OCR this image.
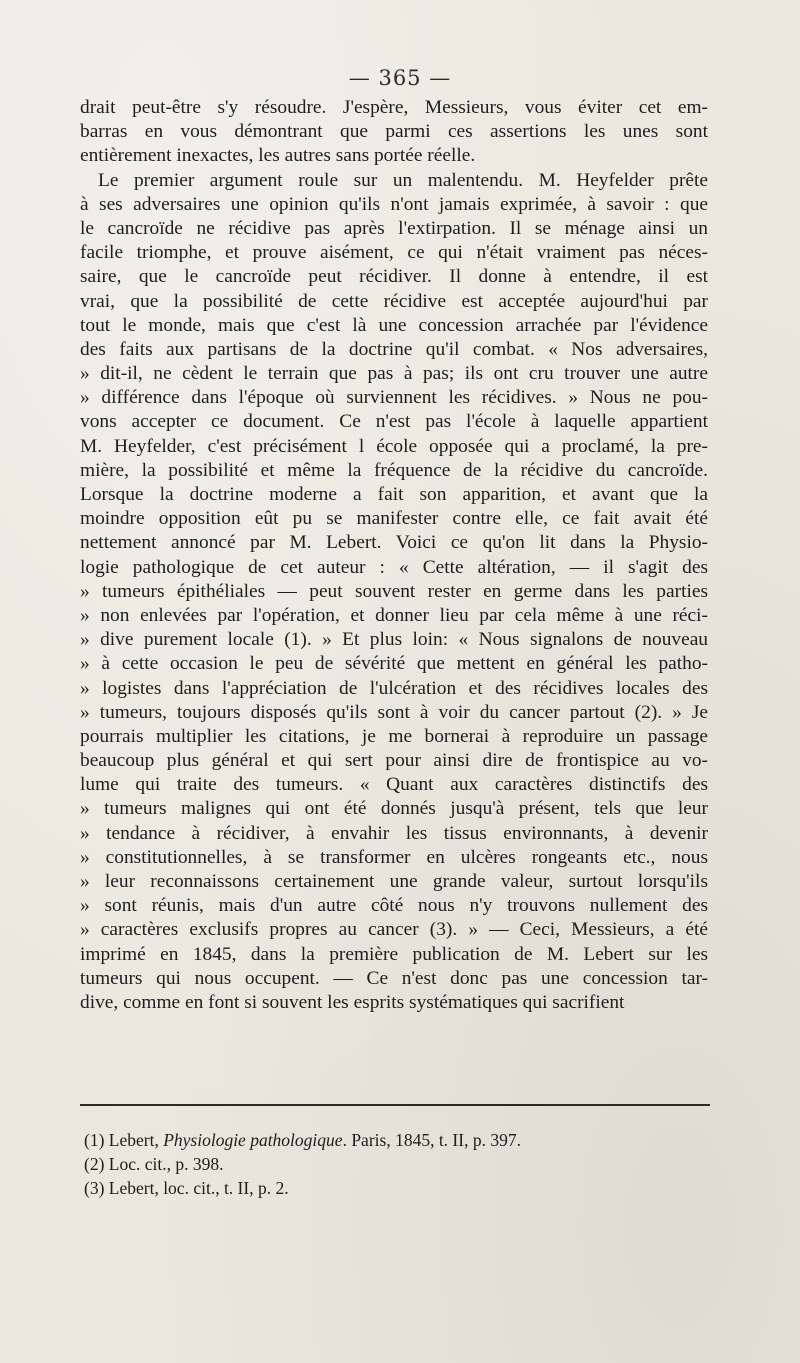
— 365 —
drait peut-être s'y résoudre. J'espère, Messieurs, vous éviter cet em-
barras en vous démontrant que parmi ces assertions les unes sont
entièrement inexactes, les autres sans portée réelle.
Le premier argument roule sur un malentendu. M. Heyfelder prête
à ses adversaires une opinion qu'ils n'ont jamais exprimée, à savoir : que
le cancroïde ne récidive pas après l'extirpation. Il se ménage ainsi un
facile triomphe, et prouve aisément, ce qui n'était vraiment pas néces-
saire, que le cancroïde peut récidiver. Il donne à entendre, il est
vrai, que la possibilité de cette récidive est acceptée aujourd'hui par
tout le monde, mais que c'est là une concession arrachée par l'évidence
des faits aux partisans de la doctrine qu'il combat. « Nos adversaires,
» dit-il, ne cèdent le terrain que pas à pas; ils ont cru trouver une autre
» différence dans l'époque où surviennent les récidives. » Nous ne pou-
vons accepter ce document. Ce n'est pas l'école à laquelle appartient
M. Heyfelder, c'est précisément l école opposée qui a proclamé, la pre-
mière, la possibilité et même la fréquence de la récidive du cancroïde.
Lorsque la doctrine moderne a fait son apparition, et avant que la
moindre opposition eût pu se manifester contre elle, ce fait avait été
nettement annoncé par M. Lebert. Voici ce qu'on lit dans la Physio-
logie pathologique de cet auteur : « Cette altération, — il s'agit des
» tumeurs épithéliales — peut souvent rester en germe dans les parties
» non enlevées par l'opération, et donner lieu par cela même à une réci-
» dive purement locale (1). » Et plus loin: « Nous signalons de nouveau
» à cette occasion le peu de sévérité que mettent en général les patho-
» logistes dans l'appréciation de l'ulcération et des récidives locales des
» tumeurs, toujours disposés qu'ils sont à voir du cancer partout (2). » Je
pourrais multiplier les citations, je me bornerai à reproduire un passage
beaucoup plus général et qui sert pour ainsi dire de frontispice au vo-
lume qui traite des tumeurs. « Quant aux caractères distinctifs des
» tumeurs malignes qui ont été donnés jusqu'à présent, tels que leur
» tendance à récidiver, à envahir les tissus environnants, à devenir
» constitutionnelles, à se transformer en ulcères rongeants etc., nous
» leur reconnaissons certainement une grande valeur, surtout lorsqu'ils
» sont réunis, mais d'un autre côté nous n'y trouvons nullement des
» caractères exclusifs propres au cancer (3). » — Ceci, Messieurs, a été
imprimé en 1845, dans la première publication de M. Lebert sur les
tumeurs qui nous occupent. — Ce n'est donc pas une concession tar-
dive, comme en font si souvent les esprits systématiques qui sacrifient
(1) Lebert, Physiologie pathologique. Paris, 1845, t. II, p. 397.
(2) Loc. cit., p. 398.
(3) Lebert, loc. cit., t. II, p. 2.
